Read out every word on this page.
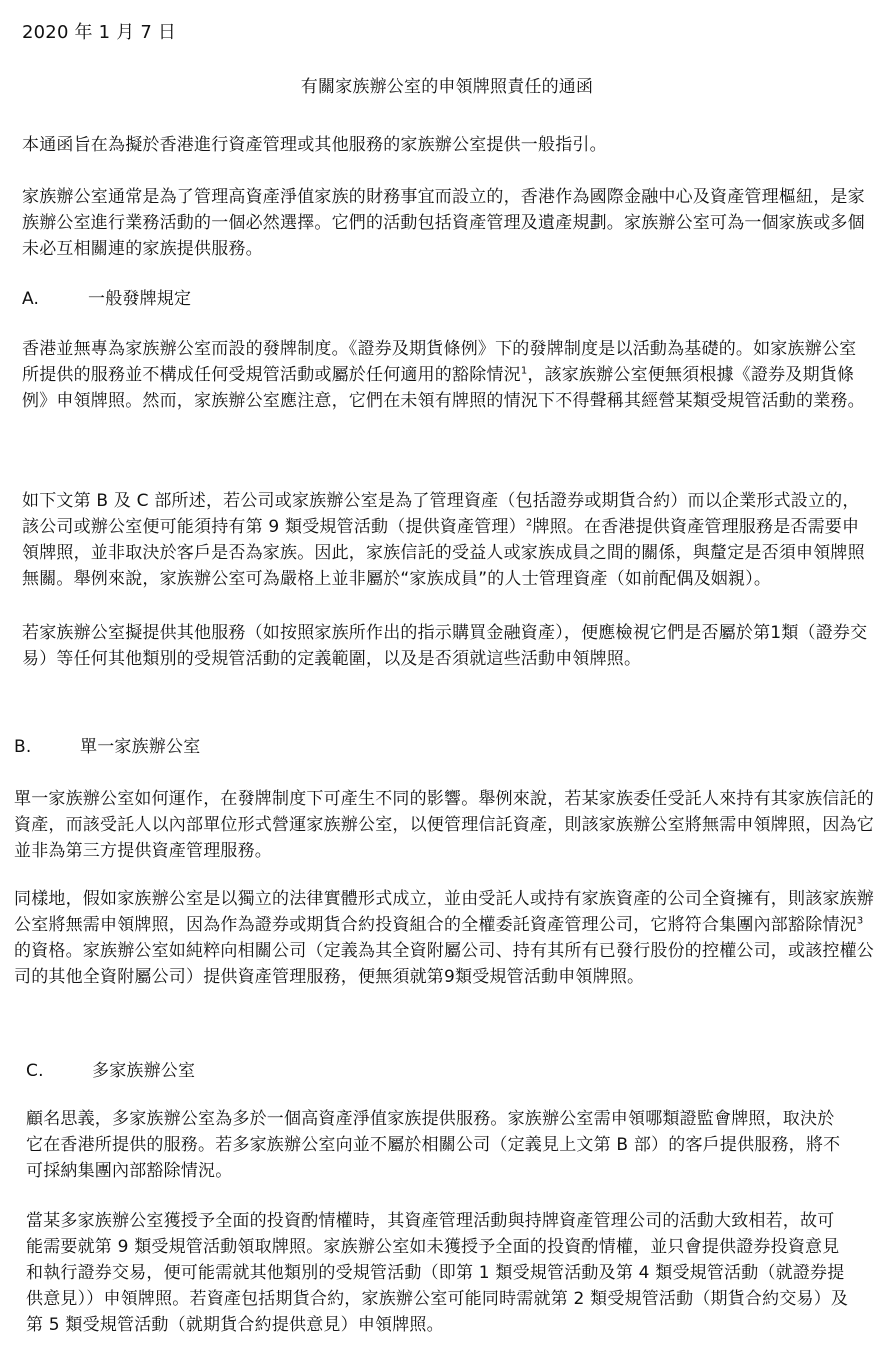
2020 年 1 月 7 日
有關家族辦公室的申領牌照責任的通函

本通函旨在為擬於香港進行資產管理或其他服務的家族辦公室提供一般指引。

家族辦公室通常是為了管理高資產淨值家族的財務事宜而設立的，香港作為國際金融中心及資產管理樞紐，是家族辦公室進行業務活動的一個必然選擇。它們的活動包括資產管理及遺產規劃。家族辦公室可為一個家族或多個未必互相關連的家族提供服務。

A.	一般發牌規定

香港並無專為家族辦公室而設的發牌制度。《證券及期貨條例》下的發牌制度是以活動為基礎的。如家族辦公室所提供的服務並不構成任何受規管活動或屬於任何適用的豁除情況$^1$，該家族辦公室便無須根據《證券及期貨條例》申領牌照。然而，家族辦公室應注意，它們在未領有牌照的情況下不得聲稱其經營某類受規管活動的業務。

如下文第 B 及 C 部所述，若公司或家族辦公室是為了管理資產（包括證券或期貨合約）而以企業形式設立的，該公司或辦公室便可能須持有第 9 類受規管活動（提供資產管理）$^2$牌照。在香港提供資產管理服務是否需要申領牌照，並非取決於客戶是否為家族。因此，家族信託的受益人或家族成員之間的關係，與釐定是否須申領牌照無關。舉例來說，家族辦公室可為嚴格上並非屬於“家族成員”的人士管理資產（如前配偶及姻親）。

若家族辦公室擬提供其他服務（如按照家族所作出的指示購買金融資產），便應檢視它們是否屬於第1類（證券交易）等任何其他類別的受規管活動的定義範圍，以及是否須就這些活動申領牌照。

B.	單一家族辦公室

單一家族辦公室如何運作，在發牌制度下可產生不同的影響。舉例來說，若某家族委任受託人來持有其家族信託的資產，而該受託人以內部單位形式營運家族辦公室，以便管理信託資產，則該家族辦公室將無需申領牌照，因為它並非為第三方提供資產管理服務。

同樣地，假如家族辦公室是以獨立的法律實體形式成立，並由受託人或持有家族資產的公司全資擁有，則該家族辦公室將無需申領牌照，因為作為證券或期貨合約投資組合的全權委託資產管理公司，它將符合集團內部豁除情況$^3$的資格。家族辦公室如純粹向相關公司（定義為其全資附屬公司、持有其所有已發行股份的控權公司，或該控權公司的其他全資附屬公司）提供資產管理服務，便無須就第9類受規管活動申領牌照。

C.	多家族辦公室

顧名思義，多家族辦公室為多於一個高資產淨值家族提供服務。家族辦公室需申領哪類證監會牌照，取決於它在香港所提供的服務。若多家族辦公室向並不屬於相關公司（定義見上文第 B 部）的客戶提供服務，將不可採納集團內部豁除情況。

當某多家族辦公室獲授予全面的投資酌情權時，其資產管理活動與持牌資產管理公司的活動大致相若，故可能需要就第 9 類受規管活動領取牌照。家族辦公室如未獲授予全面的投資酌情權，並只會提供證券投資意見和執行證券交易，便可能需就其他類別的受規管活動（即第 1 類受規管活動及第 4 類受規管活動（就證券提供意見））申領牌照。若資產包括期貨合約，家族辦公室可能同時需就第 2 類受規管活動（期貨合約交易）及第 5 類受規管活動（就期貨合約提供意見）申領牌照。
